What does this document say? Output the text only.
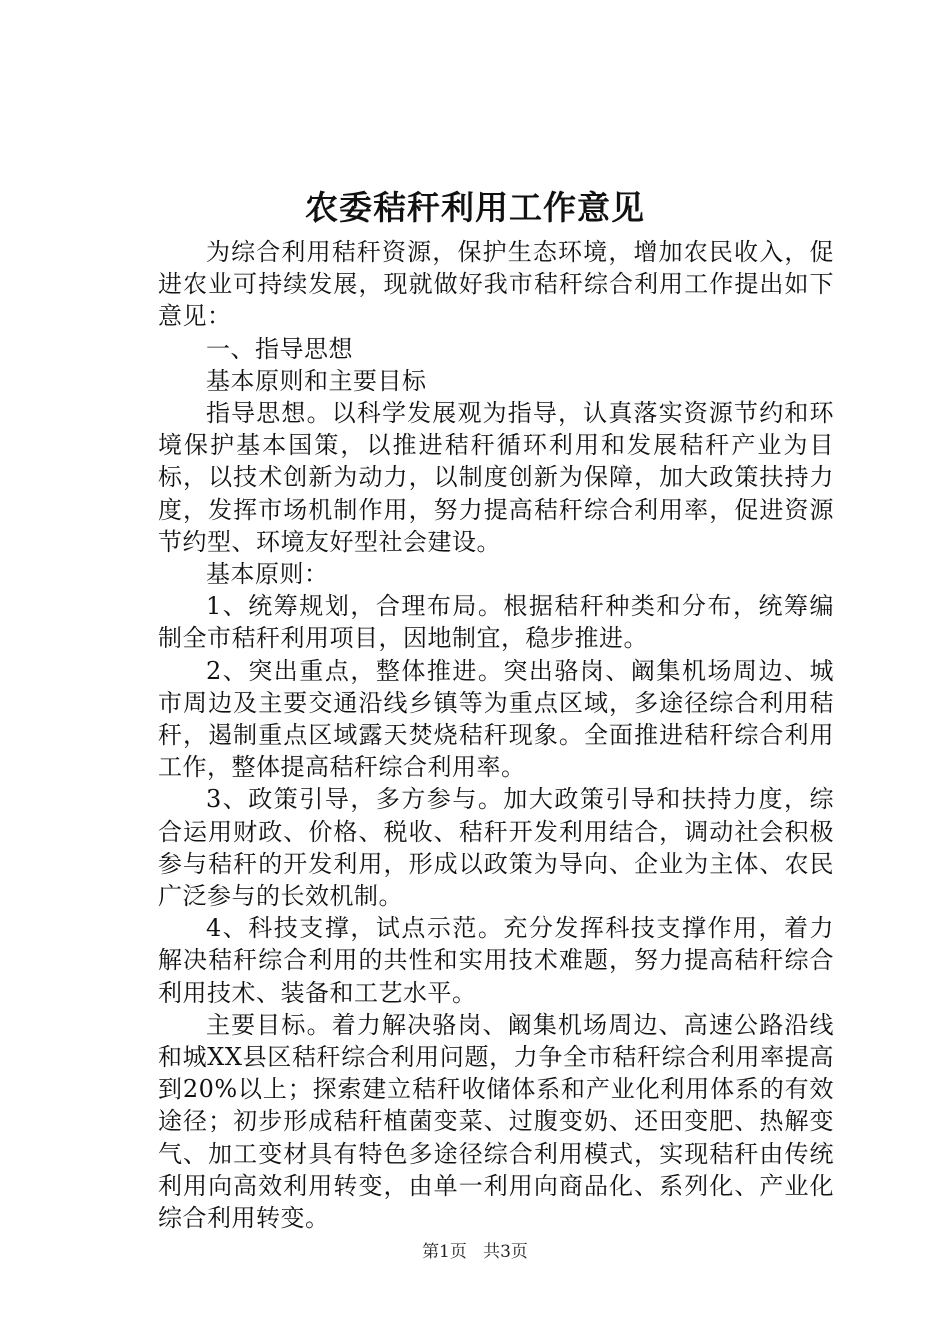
农委秸秆利用工作意见

为综合利用秸秆资源，保护生态环境，增加农民收入，促进农业可持续发展，现就做好我市秸秆综合利用工作提出如下意见：

一、指导思想

基本原则和主要目标

指导思想。以科学发展观为指导，认真落实资源节约和环境保护基本国策，以推进秸秆循环利用和发展秸秆产业为目标，以技术创新为动力，以制度创新为保障，加大政策扶持力度，发挥市场机制作用，努力提高秸秆综合利用率，促进资源节约型、环境友好型社会建设。

基本原则：

1、统筹规划，合理布局。根据秸秆种类和分布，统筹编制全市秸秆利用项目，因地制宜，稳步推进。

2、突出重点，整体推进。突出骆岗、阚集机场周边、城市周边及主要交通沿线乡镇等为重点区域，多途径综合利用秸秆，遏制重点区域露天焚烧秸秆现象。全面推进秸秆综合利用工作，整体提高秸秆综合利用率。

3、政策引导，多方参与。加大政策引导和扶持力度，综合运用财政、价格、税收、秸秆开发利用结合，调动社会积极参与秸秆的开发利用，形成以政策为导向、企业为主体、农民广泛参与的长效机制。

4、科技支撑，试点示范。充分发挥科技支撑作用，着力解决秸秆综合利用的共性和实用技术难题，努力提高秸秆综合利用技术、装备和工艺水平。

主要目标。着力解决骆岗、阚集机场周边、高速公路沿线和城XX县区秸秆综合利用问题，力争全市秸秆综合利用率提高到20%以上；探索建立秸秆收储体系和产业化利用体系的有效途径；初步形成秸秆植菌变菜、过腹变奶、还田变肥、热解变气、加工变材具有特色多途径综合利用模式，实现秸秆由传统利用向高效利用转变，由单一利用向商品化、系列化、产业化综合利用转变。

第1页 共3页
